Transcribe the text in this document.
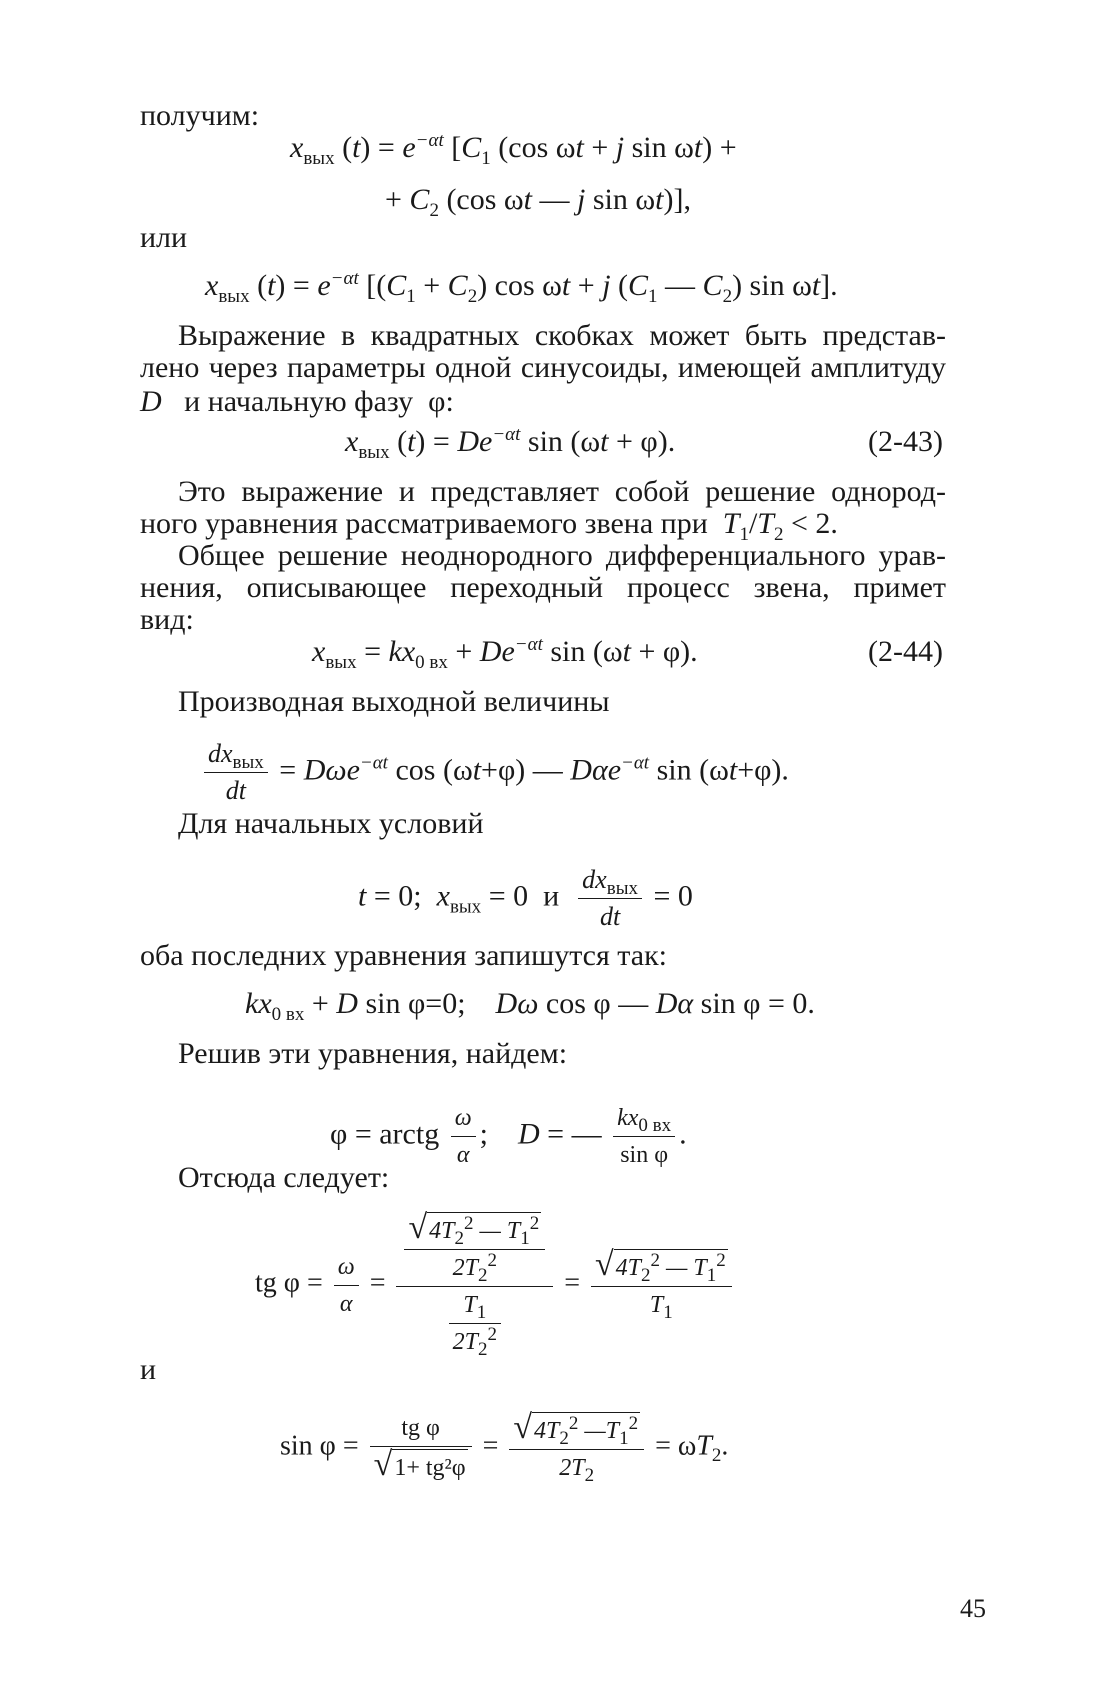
получим:
$x_{вых}$ $(t) = e^{-\alpha t}$ [$C_1$ (cos ωt + j sin ωt) +
+ $C_2$ (cos ωt — j sin ωt)],
или
$x_{вых}$ $(t) = e^{-\alpha t}$ [$(C_1 + C_2)$ cos ωt + j ($C_1$ — $C_2$) sin ωt].
Выражение в квадратных скобках может быть представ-
лено через параметры одной синусоиды, имеющей амплитуду
D и начальную фазу  φ:
$x_{вых}$ $(t) = De^{-\alpha t}$ sin (ωt + φ).	(2-43)
Это выражение и представляет собой решение однород-
ного уравнения рассматриваемого звена при $T_1/T_2 < 2$.
Общее решение неоднородного дифференциального урав-
нения, описывающее переходный процесс звена, примет
вид:
$x_{вых} = kx_{0 вх} + De^{-\alpha t}$ sin (ωt + φ).	(2-44)
Производная выходной величины
$\frac{dx_{вых}}{dt} = D\omega e^{-\alpha t}$ cos (ωt+φ) — Dαe$^{-\alpha t}$ sin (ωt+φ).
Для начальных условий
t = 0;  $x_{вых} = 0$ и $\frac{dx_{вых}}{dt} = 0$
оба последних уравнения запишутся так:
$kx_{0 вх} + D$ sin φ=0;    Dω cos φ — Dα sin φ = 0.
Решив эти уравнения, найдем:
φ = arctg $\frac{\omega}{\alpha}$ ;    D = — $\frac{kx_{0 вх}}{\text{sin φ}}$ .
Отсюда следует:
tg $\varphi = \frac{\omega}{\alpha} = \frac{\frac{√4T_2^2 — T_1^2}{2T_2^2}}{\frac{T_1}{2T_2^2}} = \frac{√4T_2^2 — T_1^2}{T_1}$
и
$\sin \varphi = \frac{\text{tg φ}}{\text{√1+ tg²φ}} = \frac{√4T_2^2 —T_1^2}{2T_2} = \omega T_2$.
45
